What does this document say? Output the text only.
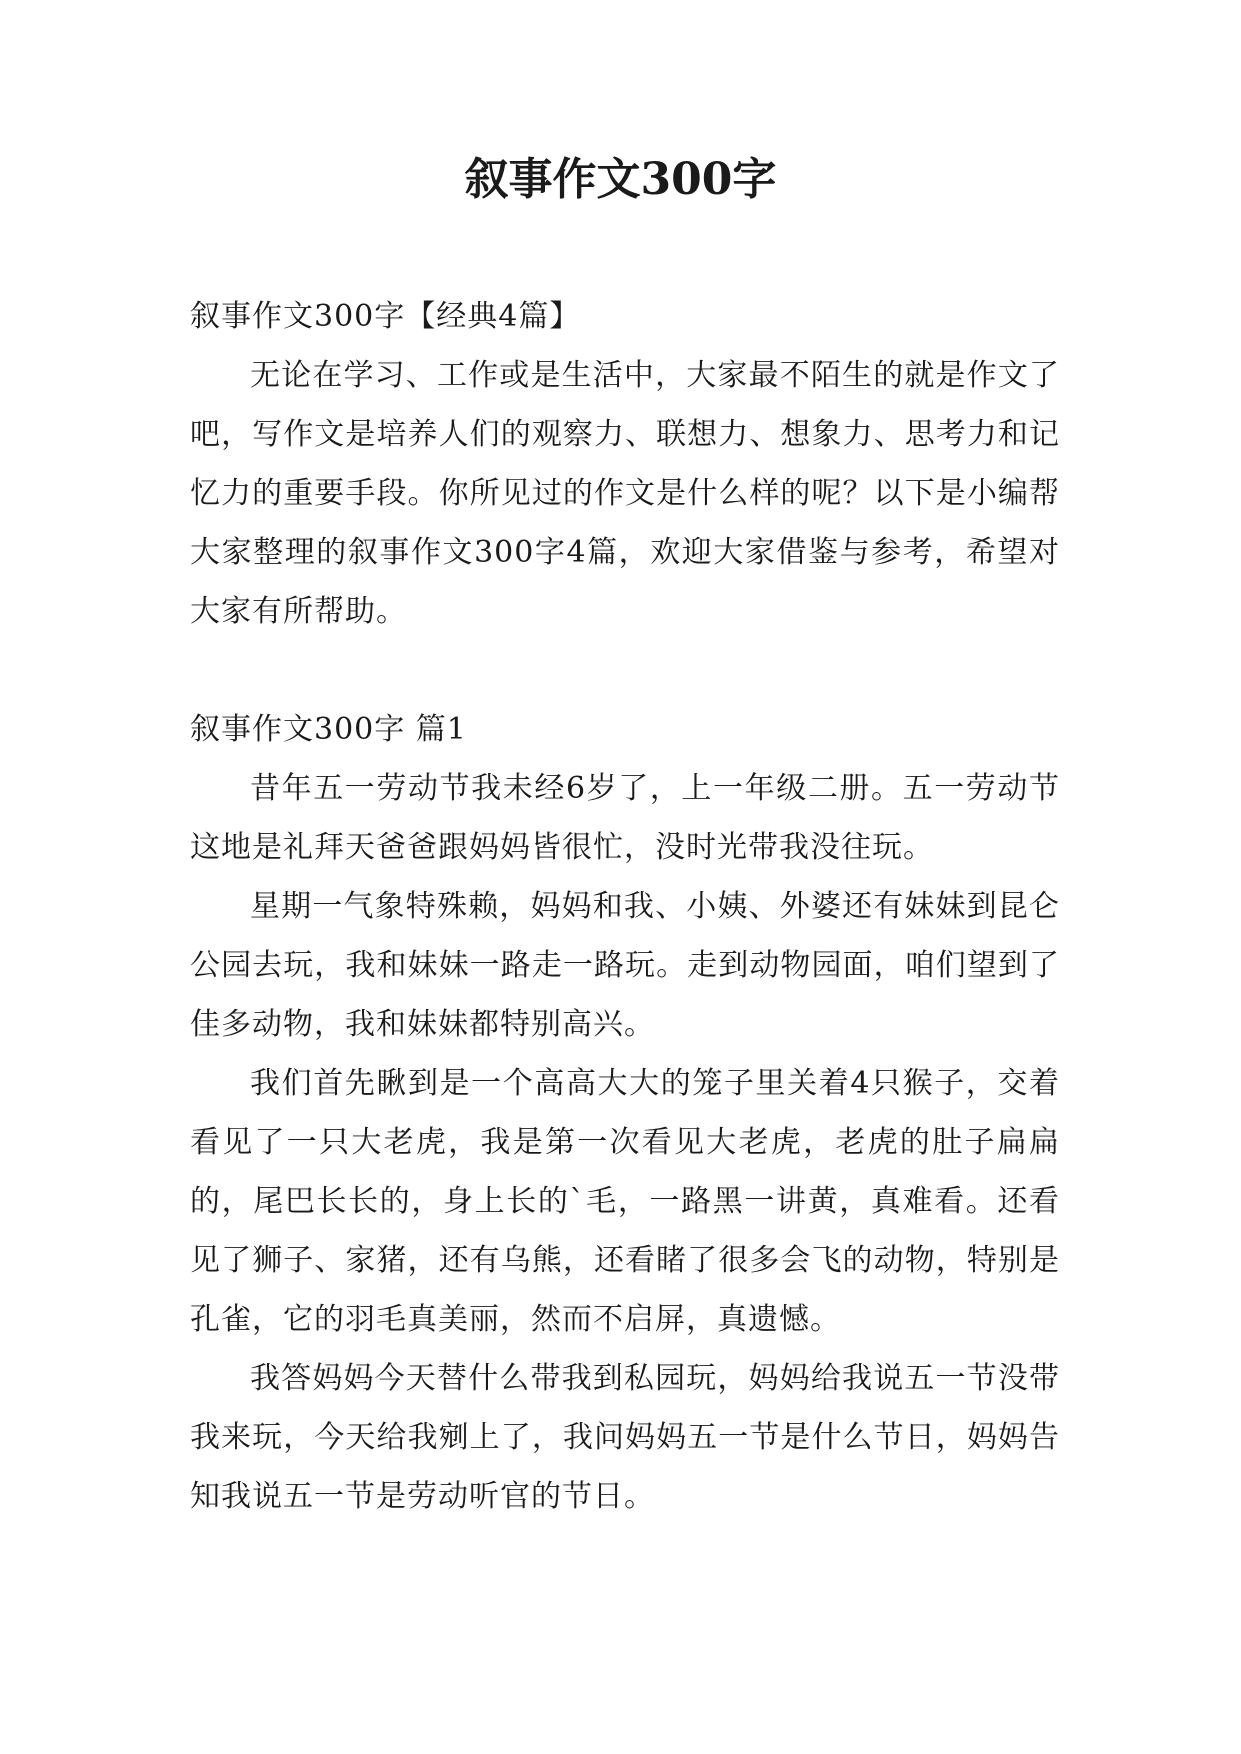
叙事作文300字

叙事作文300字【经典4篇】

无论在学习、工作或是生活中，大家最不陌生的就是作文了吧，写作文是培养人们的观察力、联想力、想象力、思考力和记忆力的重要手段。你所见过的作文是什么样的呢？以下是小编帮大家整理的叙事作文300字4篇，欢迎大家借鉴与参考，希望对大家有所帮助。

叙事作文300字 篇1

昔年五一劳动节我未经6岁了，上一年级二册。五一劳动节这地是礼拜天爸爸跟妈妈皆很忙，没时光带我没往玩。

星期一气象特殊赖，妈妈和我、小姨、外婆还有妹妹到昆仑公园去玩，我和妹妹一路走一路玩。走到动物园面，咱们望到了佳多动物，我和妹妹都特别高兴。

我们首先瞅到是一个高高大大的笼子里关着4只猴子，交着看见了一只大老虎，我是第一次看见大老虎，老虎的肚子扁扁的，尾巴长长的，身上长的`毛，一路黑一讲黄，真难看。还看见了狮子、家猪，还有乌熊，还看睹了很多会飞的动物，特别是孔雀，它的羽毛真美丽，然而不启屏，真遗憾。

我答妈妈今天替什么带我到私园玩，妈妈给我说五一节没带我来玩，今天给我剜上了，我问妈妈五一节是什么节日，妈妈告知我说五一节是劳动听官的节日。
